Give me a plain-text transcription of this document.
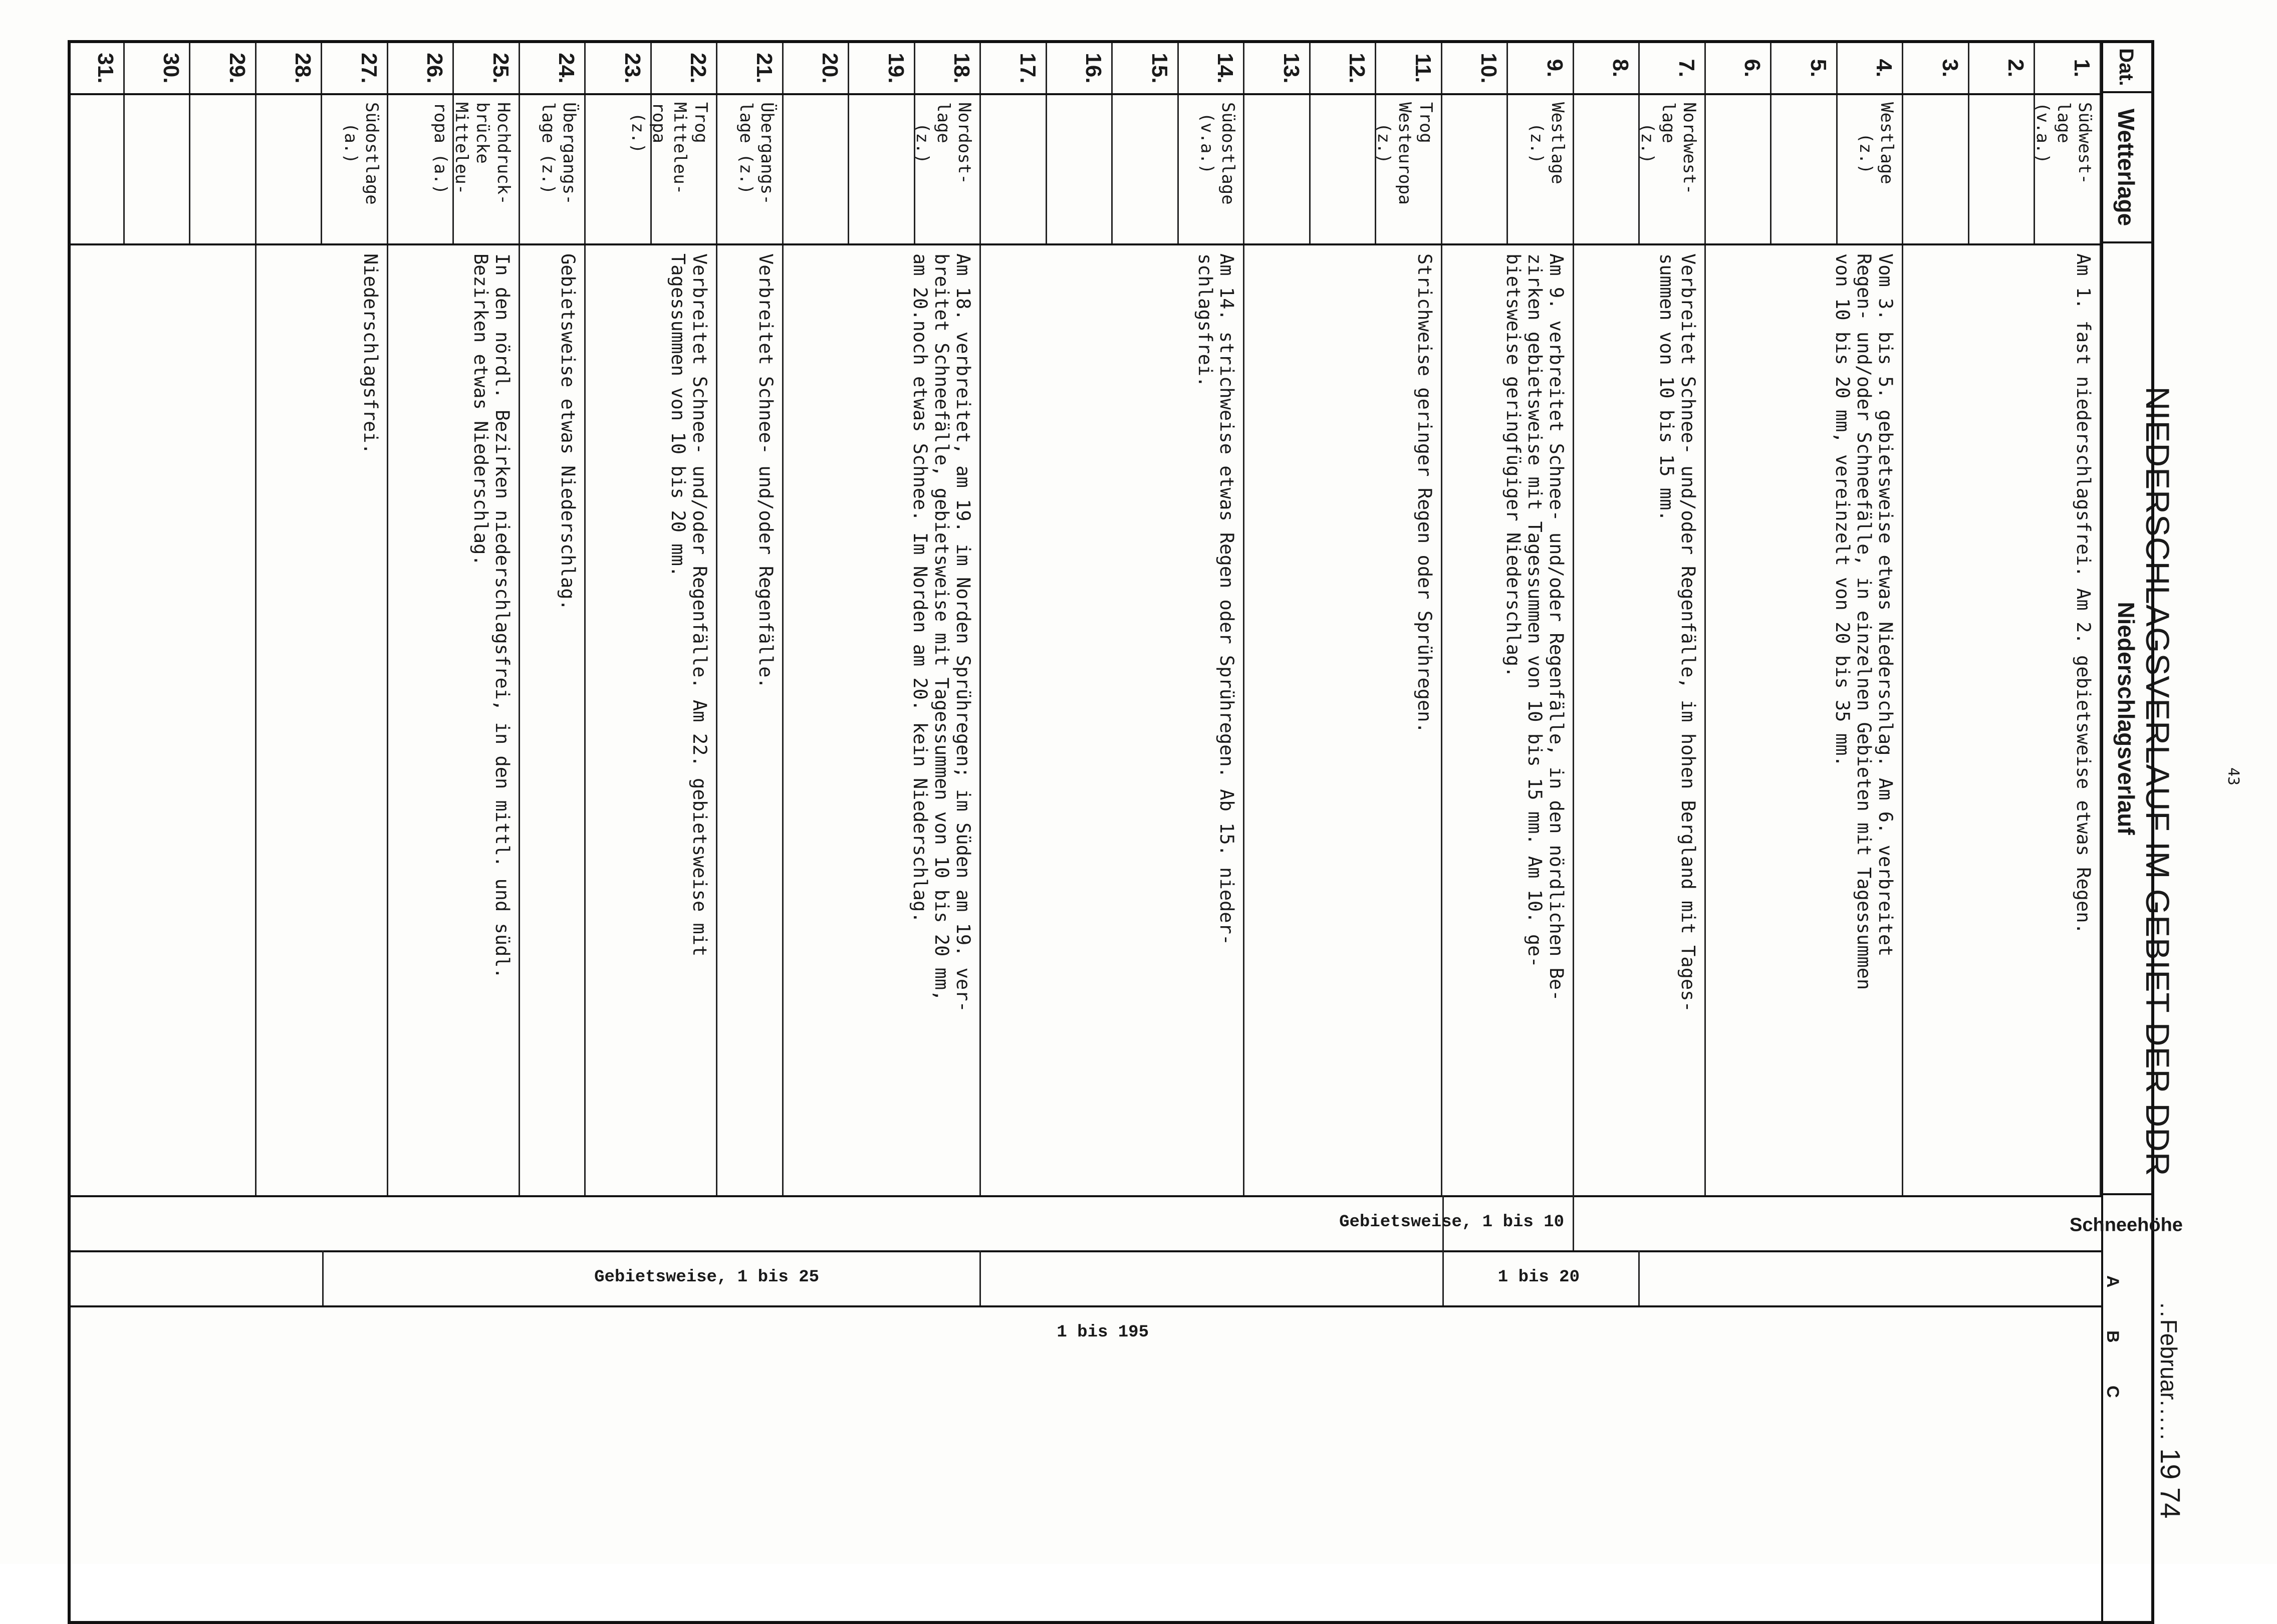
43
NIEDERSCHLAGSVERLAUF IM GEBIET DER DDR
..Februar..... 19 74
Dat.
Wetterlage
Niederschlagsverlauf
Schneehöhe
1.
Südwest-
lage
(v.a.)
Am 1. fast niederschlagsfrei. Am 2. gebietsweise etwas Regen.
2.
3.
4.
Westlage
(z.)
Vom 3. bis 5. gebietsweise etwas Niederschlag. Am 6. verbreitet
Regen- und/oder Schneefälle, in einzelnen Gebieten mit Tagessummen
von 10 bis 20 mm, vereinzelt von 20 bis 35 mm.
5.
6.
7.
Nordwest-
lage
(z.)
Verbreitet Schnee- und/oder Regenfälle, im hohen Bergland mit Tages-
summen von 10 bis 15 mm.
8.
9.
Westlage
(z.)
Am 9. verbreitet Schnee- und/oder Regenfälle, in den nördlichen Be-
zirken gebietsweise mit Tagessummen von 10 bis 15 mm. Am 10. ge-
bietsweise geringfügiger Niederschlag.
10.
11.
Trog
Westeuropa
(z.)
Strichweise geringer Regen oder Sprühregen.
12.
13.
14.
Südostlage
(v.a.)
Am 14. strichweise etwas Regen oder Sprühregen. Ab 15. nieder-
schlagsfrei.
15.
16.
17.
18.
Nordost-
lage
(z.)
Am 18. verbreitet, am 19. im Norden Sprühregen; im Süden am 19. ver-
breitet Schneefälle, gebietsweise mit Tagessummen von 10 bis 20 mm,
am 20.noch etwas Schnee. Im Norden am 20. kein Niederschlag.
19.
20.
21.
Übergangs-
lage (z.)
Verbreitet Schnee- und/oder Regenfälle.
22.
Trog
Mitteleu-
ropa
(z.)
Verbreitet Schnee- und/oder Regenfälle. Am 22. gebietsweise mit
Tagessummen von 10 bis 20 mm.
23.
24.
Übergangs-
lage (z.)
Gebietsweise etwas Niederschlag.
25.
Hochdruck-
brücke
Mitteleu-
ropa (a.)
In den nördl. Bezirken niederschlagsfrei, in den mittl. und südl.
Bezirken etwas Niederschlag.
26.
27.
Südostlage
(a.)
Niederschlagsfrei.
28.
29.
30.
31.
A
B
C
Gebietsweise, 1 bis 10
1 bis 20
Gebietsweise, 1 bis 25
1 bis 195
